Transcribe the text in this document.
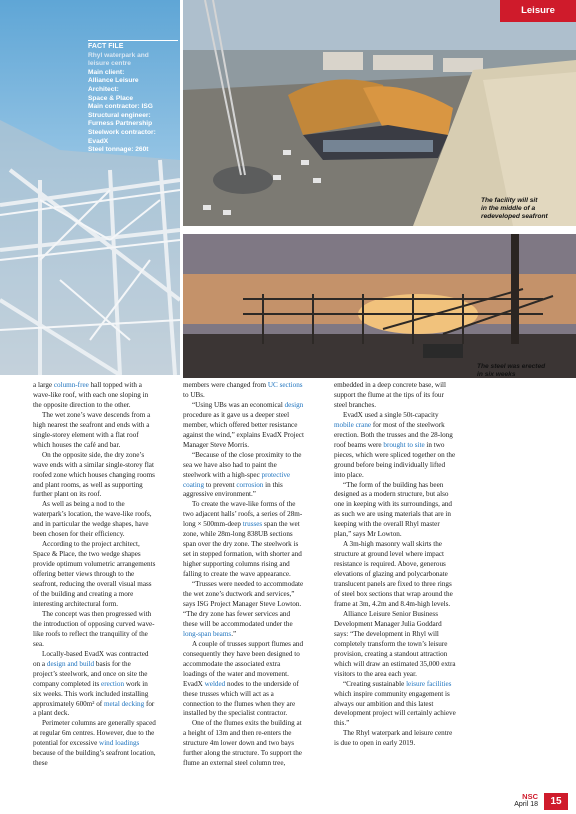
FACT FILE
Rhyl waterpark and
leisure centre
Main client:
Alliance Leisure
Architect:
Space & Place
Main contractor: ISG
Structural engineer:
Furness Partnership
Steelwork contractor:
EvadX
Steel tonnage: 260t
Leisure
The facility will sit
in the middle of a
redeveloped seafront
The steel was erected
in six weeks

a large column-free hall topped with a wave-like roof, with each one sloping in the opposite direction to the other.

The wet zone’s wave descends from a high nearest the seafront and ends with a single-storey element with a flat roof which houses the café and bar.

On the opposite side, the dry zone’s wave ends with a similar single-storey flat roofed zone which houses changing rooms and plant rooms, as well as supporting further plant on its roof.

As well as being a nod to the waterpark’s location, the wave-like roofs, and in particular the wedge shapes, have been chosen for their efficiency.

According to the project architect, Space & Place, the two wedge shapes provide optimum volumetric arrangements offering better views through to the seafront, reducing the overall visual mass of the building and creating a more interesting architectural form.

The concept was then progressed with the introduction of opposing curved wave-like roofs to reflect the tranquility of the sea.

Locally-based EvadX was contracted on a design and build basis for the project’s steelwork, and once on site the company completed its erection work in six weeks. This work included installing approximately 600m² of metal decking for a plant deck.

Perimeter columns are generally spaced at regular 6m centres. However, due to the potential for excessive wind loadings because of the building’s seafront location, these

members were changed from UC sections to UBs.

“Using UBs was an economical design procedure as it gave us a deeper steel member, which offered better resistance against the wind,” explains EvadX Project Manager Steve Morris.

“Because of the close proximity to the sea we have also had to paint the steelwork with a high-spec protective coating to prevent corrosion in this aggressive environment.”

To create the wave-like forms of the two adjacent halls’ roofs, a series of 28m-long × 500mm-deep trusses span the wet zone, while 28m-long 838UB sections span over the dry zone. The steelwork is set in stepped formation, with shorter and higher supporting columns rising and falling to create the wave appearance.

“Trusses were needed to accommodate the wet zone’s ductwork and services,” says ISG Project Manager Steve Lowton. “The dry zone has fewer services and these will be accommodated under the long-span beams.”

A couple of trusses support flumes and consequently they have been designed to accommodate the associated extra loadings of the water and movement. EvadX welded nodes to the underside of these trusses which will act as a connection to the flumes when they are installed by the specialist contractor.

One of the flumes exits the building at a height of 13m and then re-enters the structure 4m lower down and two bays further along the structure. To support the flume an external steel column tree,

embedded in a deep concrete base, will support the flume at the tips of its four steel branches.

EvadX used a single 50t-capacity mobile crane for most of the steelwork erection. Both the trusses and the 28-long roof beams were brought to site in two pieces, which were spliced together on the ground before being individually lifted into place.

“The form of the building has been designed as a modern structure, but also one in keeping with its surroundings, and as such we are using materials that are in keeping with the overall Rhyl master plan,” says Mr Lowton.

A 3m-high masonry wall skirts the structure at ground level where impact resistance is required. Above, generous elevations of glazing and polycarbonate translucent panels are fixed to three rings of steel box sections that wrap around the frame at 3m, 4.2m and 8.4m-high levels.

Alliance Leisure Senior Business Development Manager Julia Goddard says: “The development in Rhyl will completely transform the town’s leisure provision, creating a standout attraction which will draw an estimated 35,000 extra visitors to the area each year.

“Creating sustainable leisure facilities which inspire community engagement is always our ambition and this latest development project will certainly achieve this.”

The Rhyl waterpark and leisure centre is due to open in early 2019.

NSC
April 18	15
